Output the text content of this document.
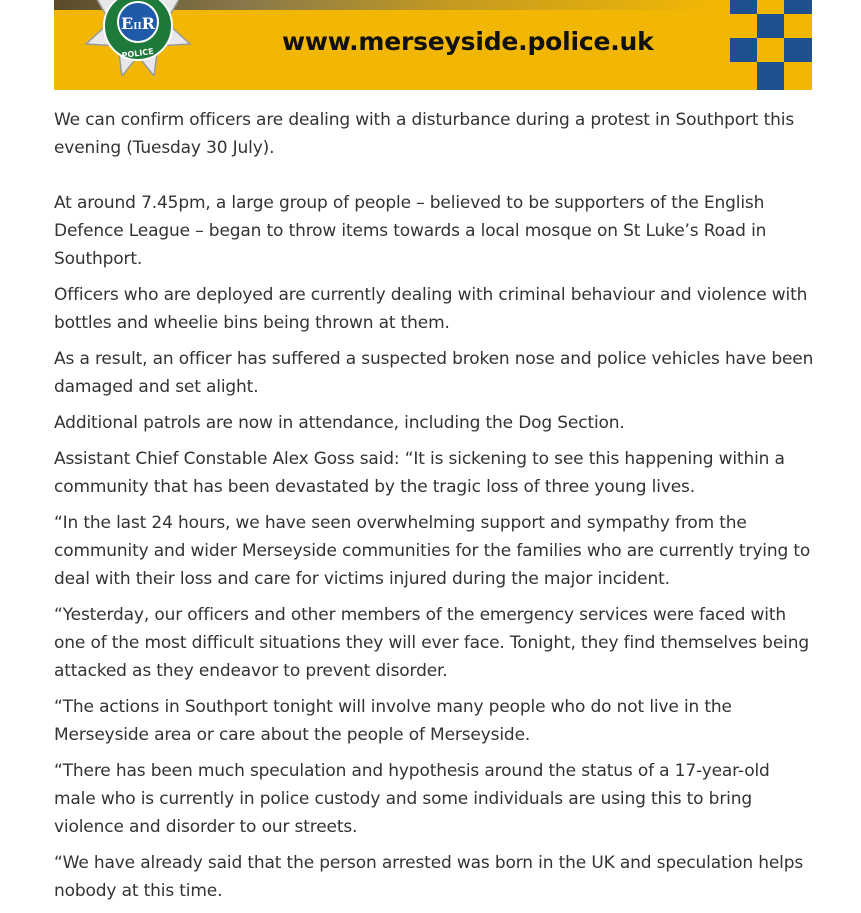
EIIR
POLICE	www.merseyside.police.uk

We can confirm officers are dealing with a disturbance during a protest in Southport this evening (Tuesday 30 July).

At around 7.45pm, a large group of people – believed to be supporters of the English Defence League – began to throw items towards a local mosque on St Luke’s Road in Southport.

Officers who are deployed are currently dealing with criminal behaviour and violence with bottles and wheelie bins being thrown at them.

As a result, an officer has suffered a suspected broken nose and police vehicles have been damaged and set alight.

Additional patrols are now in attendance, including the Dog Section.

Assistant Chief Constable Alex Goss said: “It is sickening to see this happening within a community that has been devastated by the tragic loss of three young lives.

“In the last 24 hours, we have seen overwhelming support and sympathy from the community and wider Merseyside communities for the families who are currently trying to deal with their loss and care for victims injured during the major incident.

“Yesterday, our officers and other members of the emergency services were faced with one of the most difficult situations they will ever face. Tonight, they find themselves being attacked as they endeavor to prevent disorder.

“The actions in Southport tonight will involve many people who do not live in the Merseyside area or care about the people of Merseyside.

“There has been much speculation and hypothesis around the status of a 17-year-old male who is currently in police custody and some individuals are using this to bring violence and disorder to our streets.

“We have already said that the person arrested was born in the UK and speculation helps nobody at this time.
